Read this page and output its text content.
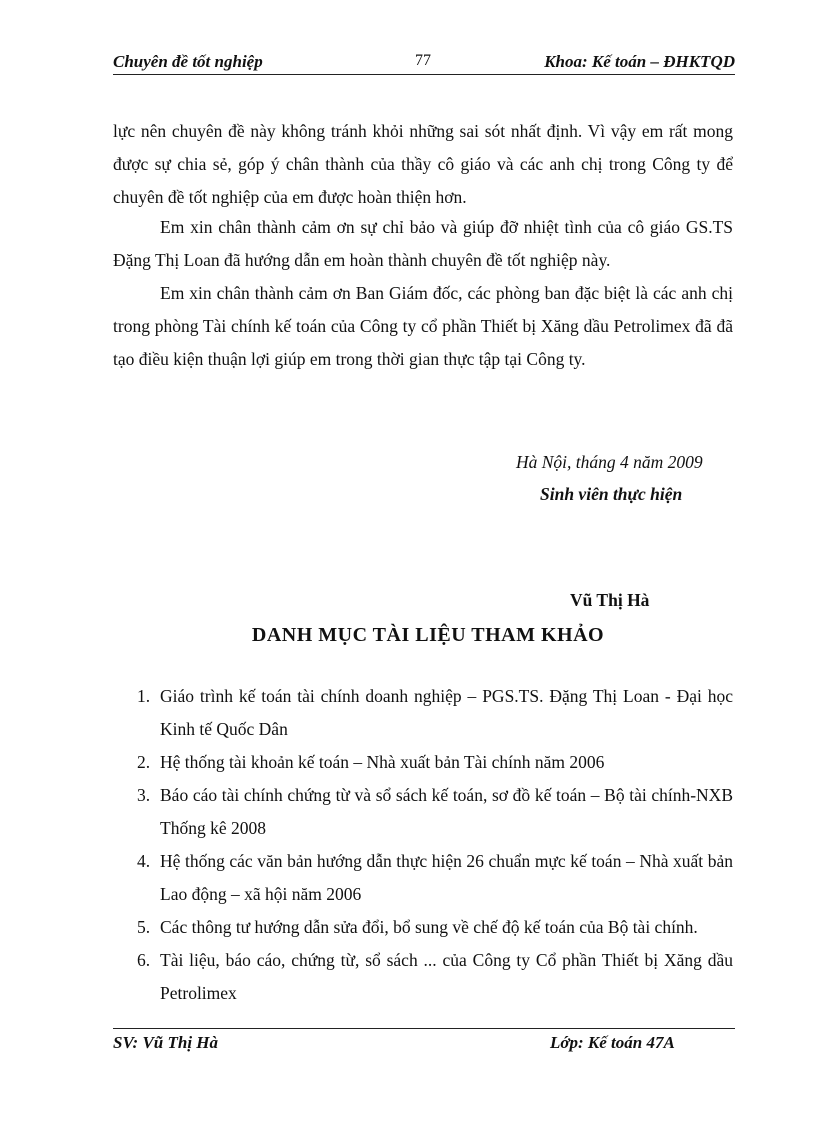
Chuyên đề tốt nghiệp	77	Khoa: Kế toán – ĐHKTQD

lực nên chuyên đề này không tránh khỏi những sai sót nhất định. Vì vậy em rất mong được sự chia sẻ, góp ý chân thành của thầy cô giáo và các anh chị trong Công ty để chuyên đề tốt nghiệp của em được hoàn thiện hơn.

Em xin chân thành cảm ơn sự chỉ bảo và giúp đỡ nhiệt tình của cô giáo GS.TS Đặng Thị Loan đã hướng dẫn em hoàn thành chuyên đề tốt nghiệp này.

Em xin chân thành cảm ơn Ban Giám đốc, các phòng ban đặc biệt là các anh chị trong phòng Tài chính kế toán của Công ty cổ phần Thiết bị Xăng dầu Petrolimex đã đã tạo điều kiện thuận lợi giúp em trong thời gian thực tập tại Công ty.

Hà Nội, tháng 4 năm 2009
Sinh viên thực hiện
Vũ Thị Hà
DANH MỤC TÀI LIỆU THAM KHẢO
1. Giáo trình kế toán tài chính doanh nghiệp – PGS.TS. Đặng Thị Loan - Đại học Kinh tế Quốc Dân
2. Hệ thống tài khoản kế toán – Nhà xuất bản Tài chính năm 2006
3. Báo cáo tài chính chứng từ và sổ sách kế toán, sơ đồ kế toán – Bộ tài chính-NXB Thống kê 2008
4. Hệ thống các văn bản hướng dẫn thực hiện 26 chuẩn mực kế toán – Nhà xuất bản Lao động – xã hội năm 2006
5. Các thông tư hướng dẫn sửa đổi, bổ sung về chế độ kế toán của Bộ tài chính.
6. Tài liệu, báo cáo, chứng từ, sổ sách ... của Công ty Cổ phần Thiết bị Xăng dầu Petrolimex
SV: Vũ Thị Hà	Lớp: Kế toán 47A
